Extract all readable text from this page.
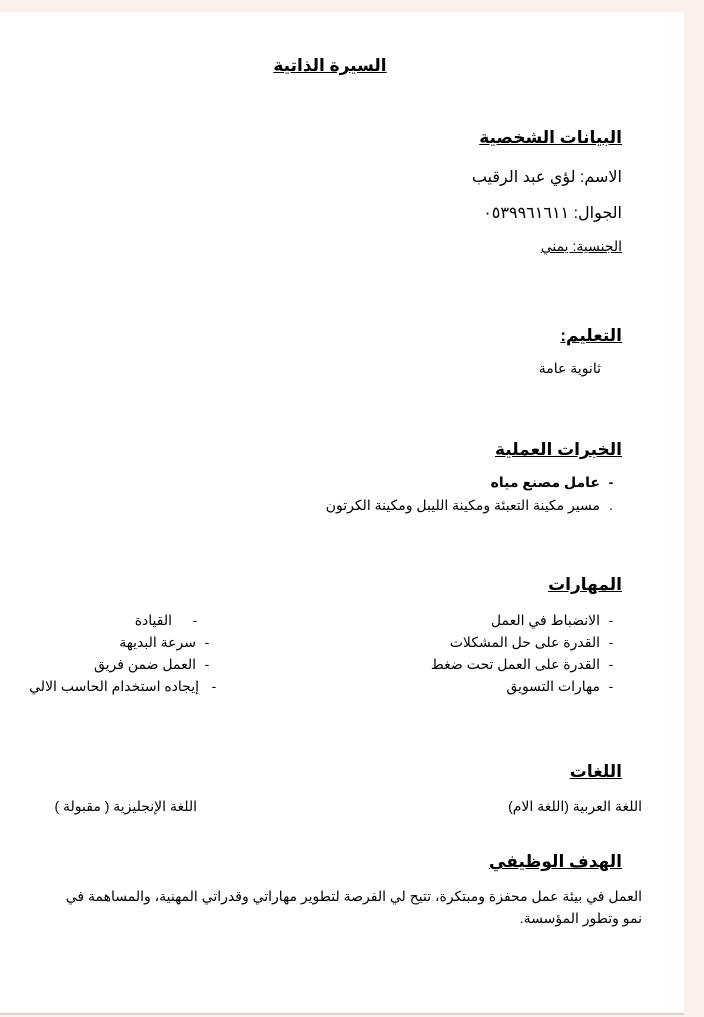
السيرة الذاتية
البيانات الشخصية
الاسم: لؤي عبد الرقيب
الجوال: ٠٥٣٩٩٦١٦١١
الجنسية: يمني
التعليم:
ثانوية عامة
الخبرات العملية
-عامل مصنع مياه
.مسير مكينة التعبئة ومكينة الليبل ومكينة الكرتون
المهارات
-الانضباط في العمل
-القدرة على حل المشكلات
-القدرة على العمل تحت ضغط
-مهارات التسويق
-القيادة
-سرعة البديهة
-العمل ضمن فريق
-إيجاده استخدام الحاسب الالي
اللغات
اللغة العربية (اللغة الام)
اللغة الإنجليزية ( مقبولة )
الهدف الوظيفي
العمل في بيئة عمل محفزة ومبتكرة، تتيح لي الفرصة لتطوير مهاراتي وقدراتي المهنية، والمساهمة في
نمو وتطور المؤسسة.
